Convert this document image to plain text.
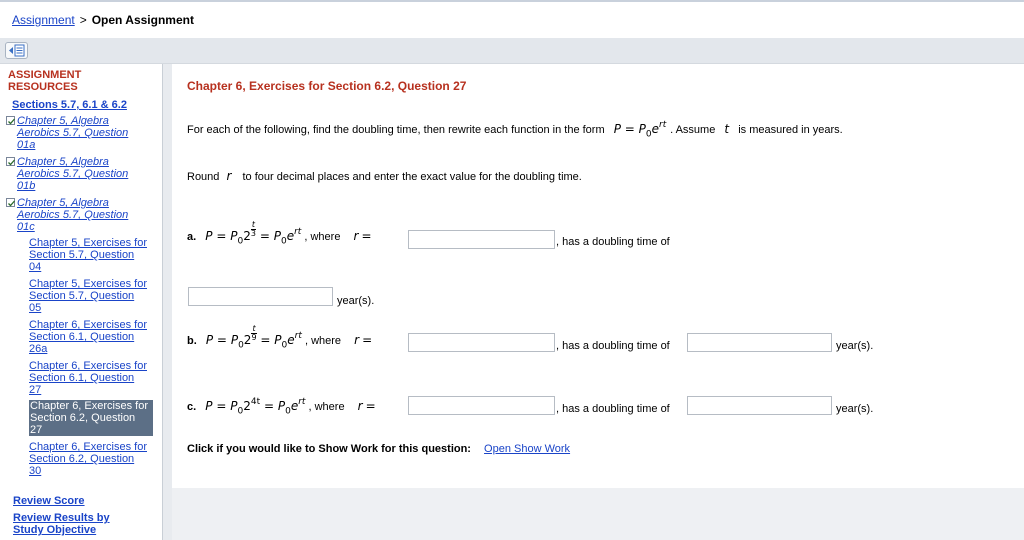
Assignment > Open Assignment
ASSIGNMENT
RESOURCES
Sections 5.7, 6.1 & 6.2
Chapter 5, Algebra
Aerobics 5.7, Question
01a
Chapter 5, Algebra
Aerobics 5.7, Question
01b
Chapter 5, Algebra
Aerobics 5.7, Question
01c
Chapter 5, Exercises for
Section 5.7, Question
04
Chapter 5, Exercises for
Section 5.7, Question
05
Chapter 6, Exercises for
Section 6.1, Question
26a
Chapter 6, Exercises for
Section 6.1, Question
27
Chapter 6, Exercises for
Section 6.2, Question
27
Chapter 6, Exercises for
Section 6.2, Question
30
Review Score
Review Results by
Study Objective
Chapter 6, Exercises for Section 6.2, Question 27
For each of the following, find the doubling time, then rewrite each function in the form $P = P_0e^{rt}$ . Assume t is measured in years.
Round r to four decimal places and enter the exact value for the doubling time.
a. $P = P_02 \frac{t}{3} = P_0e^{rt}$ , where r =	, has a doubling time of
year(s).
b. $P = P_02 \frac{t}{9} = P_0e^{rt}$ , where r =	, has a doubling time of	year(s).
c. $P = P_02^{4t} = P_0e^{rt}$ , where r =	, has a doubling time of	year(s).
Click if you would like to Show Work for this question: Open Show Work
